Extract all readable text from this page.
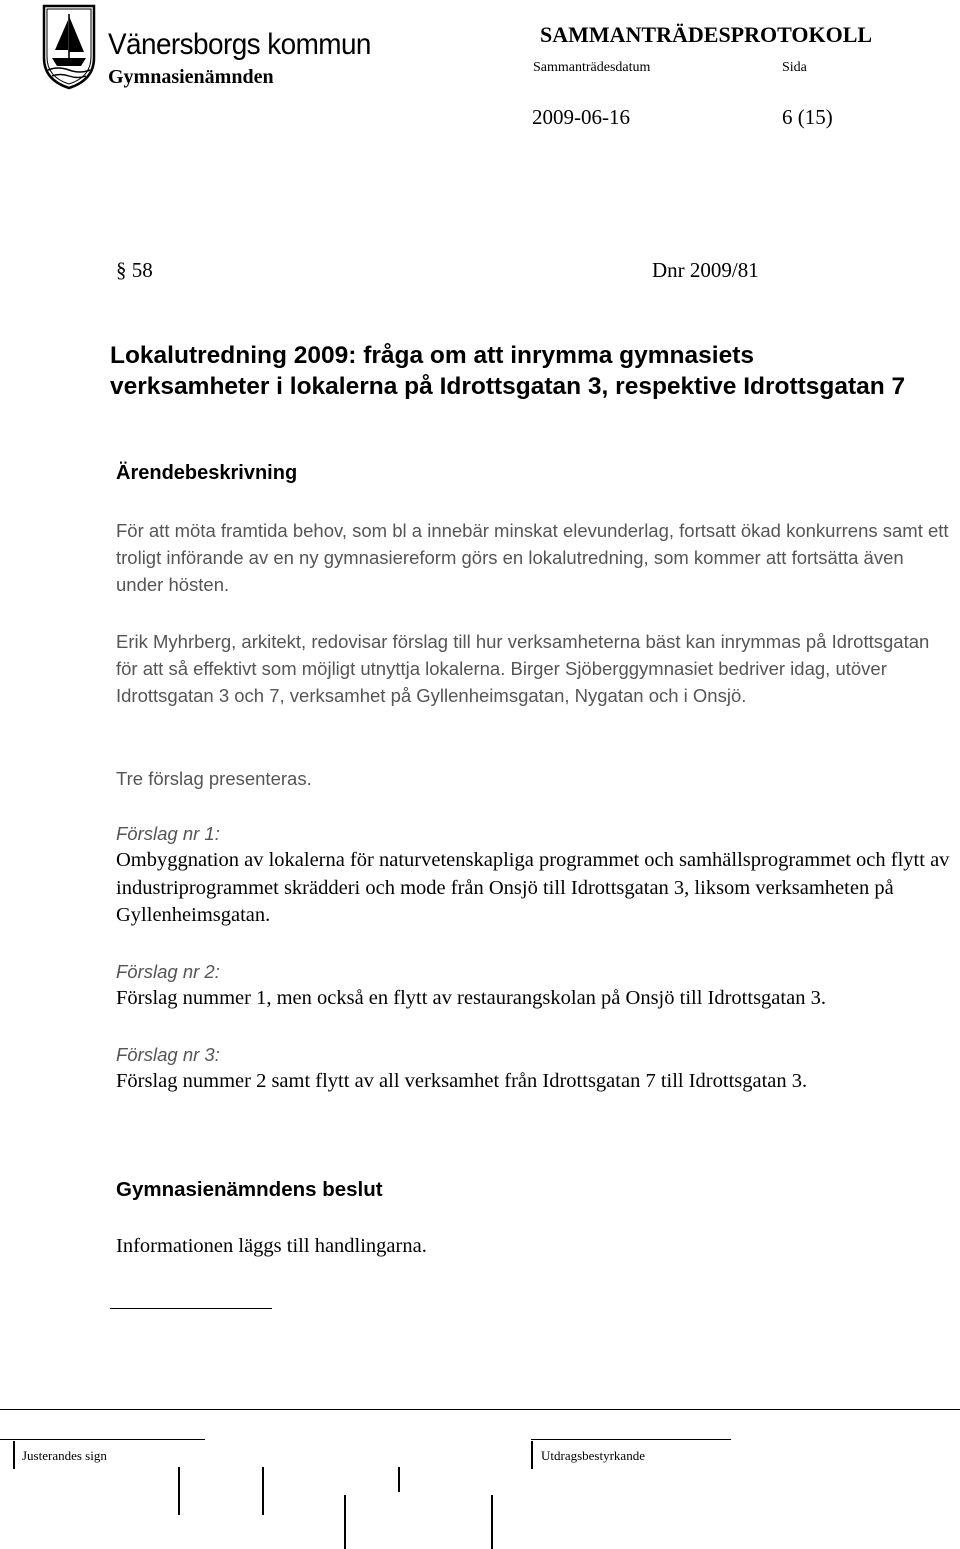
Vänersborgs kommun
Gymnasienämnden
SAMMANTRÄDESPROTOKOLL
Sammanträdesdatum	Sida
2009-06-16	6 (15)
§ 58	Dnr 2009/81
Lokalutredning 2009: fråga om att inrymma gymnasiets verksamheter i lokalerna på Idrottsgatan 3, respektive Idrottsgatan 7
Ärendebeskrivning
För att möta framtida behov, som bl a innebär minskat elevunderlag, fortsatt ökad konkurrens samt ett troligt införande av en ny gymnasiereform görs en lokalutredning, som kommer att fortsätta även under hösten.
Erik Myhrberg, arkitekt, redovisar förslag till hur verksamheterna bäst kan inrymmas på Idrottsgatan för att så effektivt som möjligt utnyttja lokalerna. Birger Sjöberggymnasiet bedriver idag, utöver Idrottsgatan 3 och 7, verksamhet på Gyllenheimsgatan, Nygatan och i Onsjö.
Tre förslag presenteras.
Förslag nr 1:
Ombyggnation av lokalerna för naturvetenskapliga programmet och samhällsprogrammet och flytt av industriprogrammet skrädderi och mode från Onsjö till Idrottsgatan 3, liksom verksamheten på Gyllenheimsgatan.
Förslag nr 2:
Förslag nummer 1, men också en flytt av restaurangskolan på Onsjö till Idrottsgatan 3.
Förslag nr 3:
Förslag nummer 2 samt flytt av all verksamhet från Idrottsgatan 7 till Idrottsgatan 3.
Gymnasienämndens beslut
Informationen läggs till handlingarna.
Justerandes sign	Utdragsbestyrkande
